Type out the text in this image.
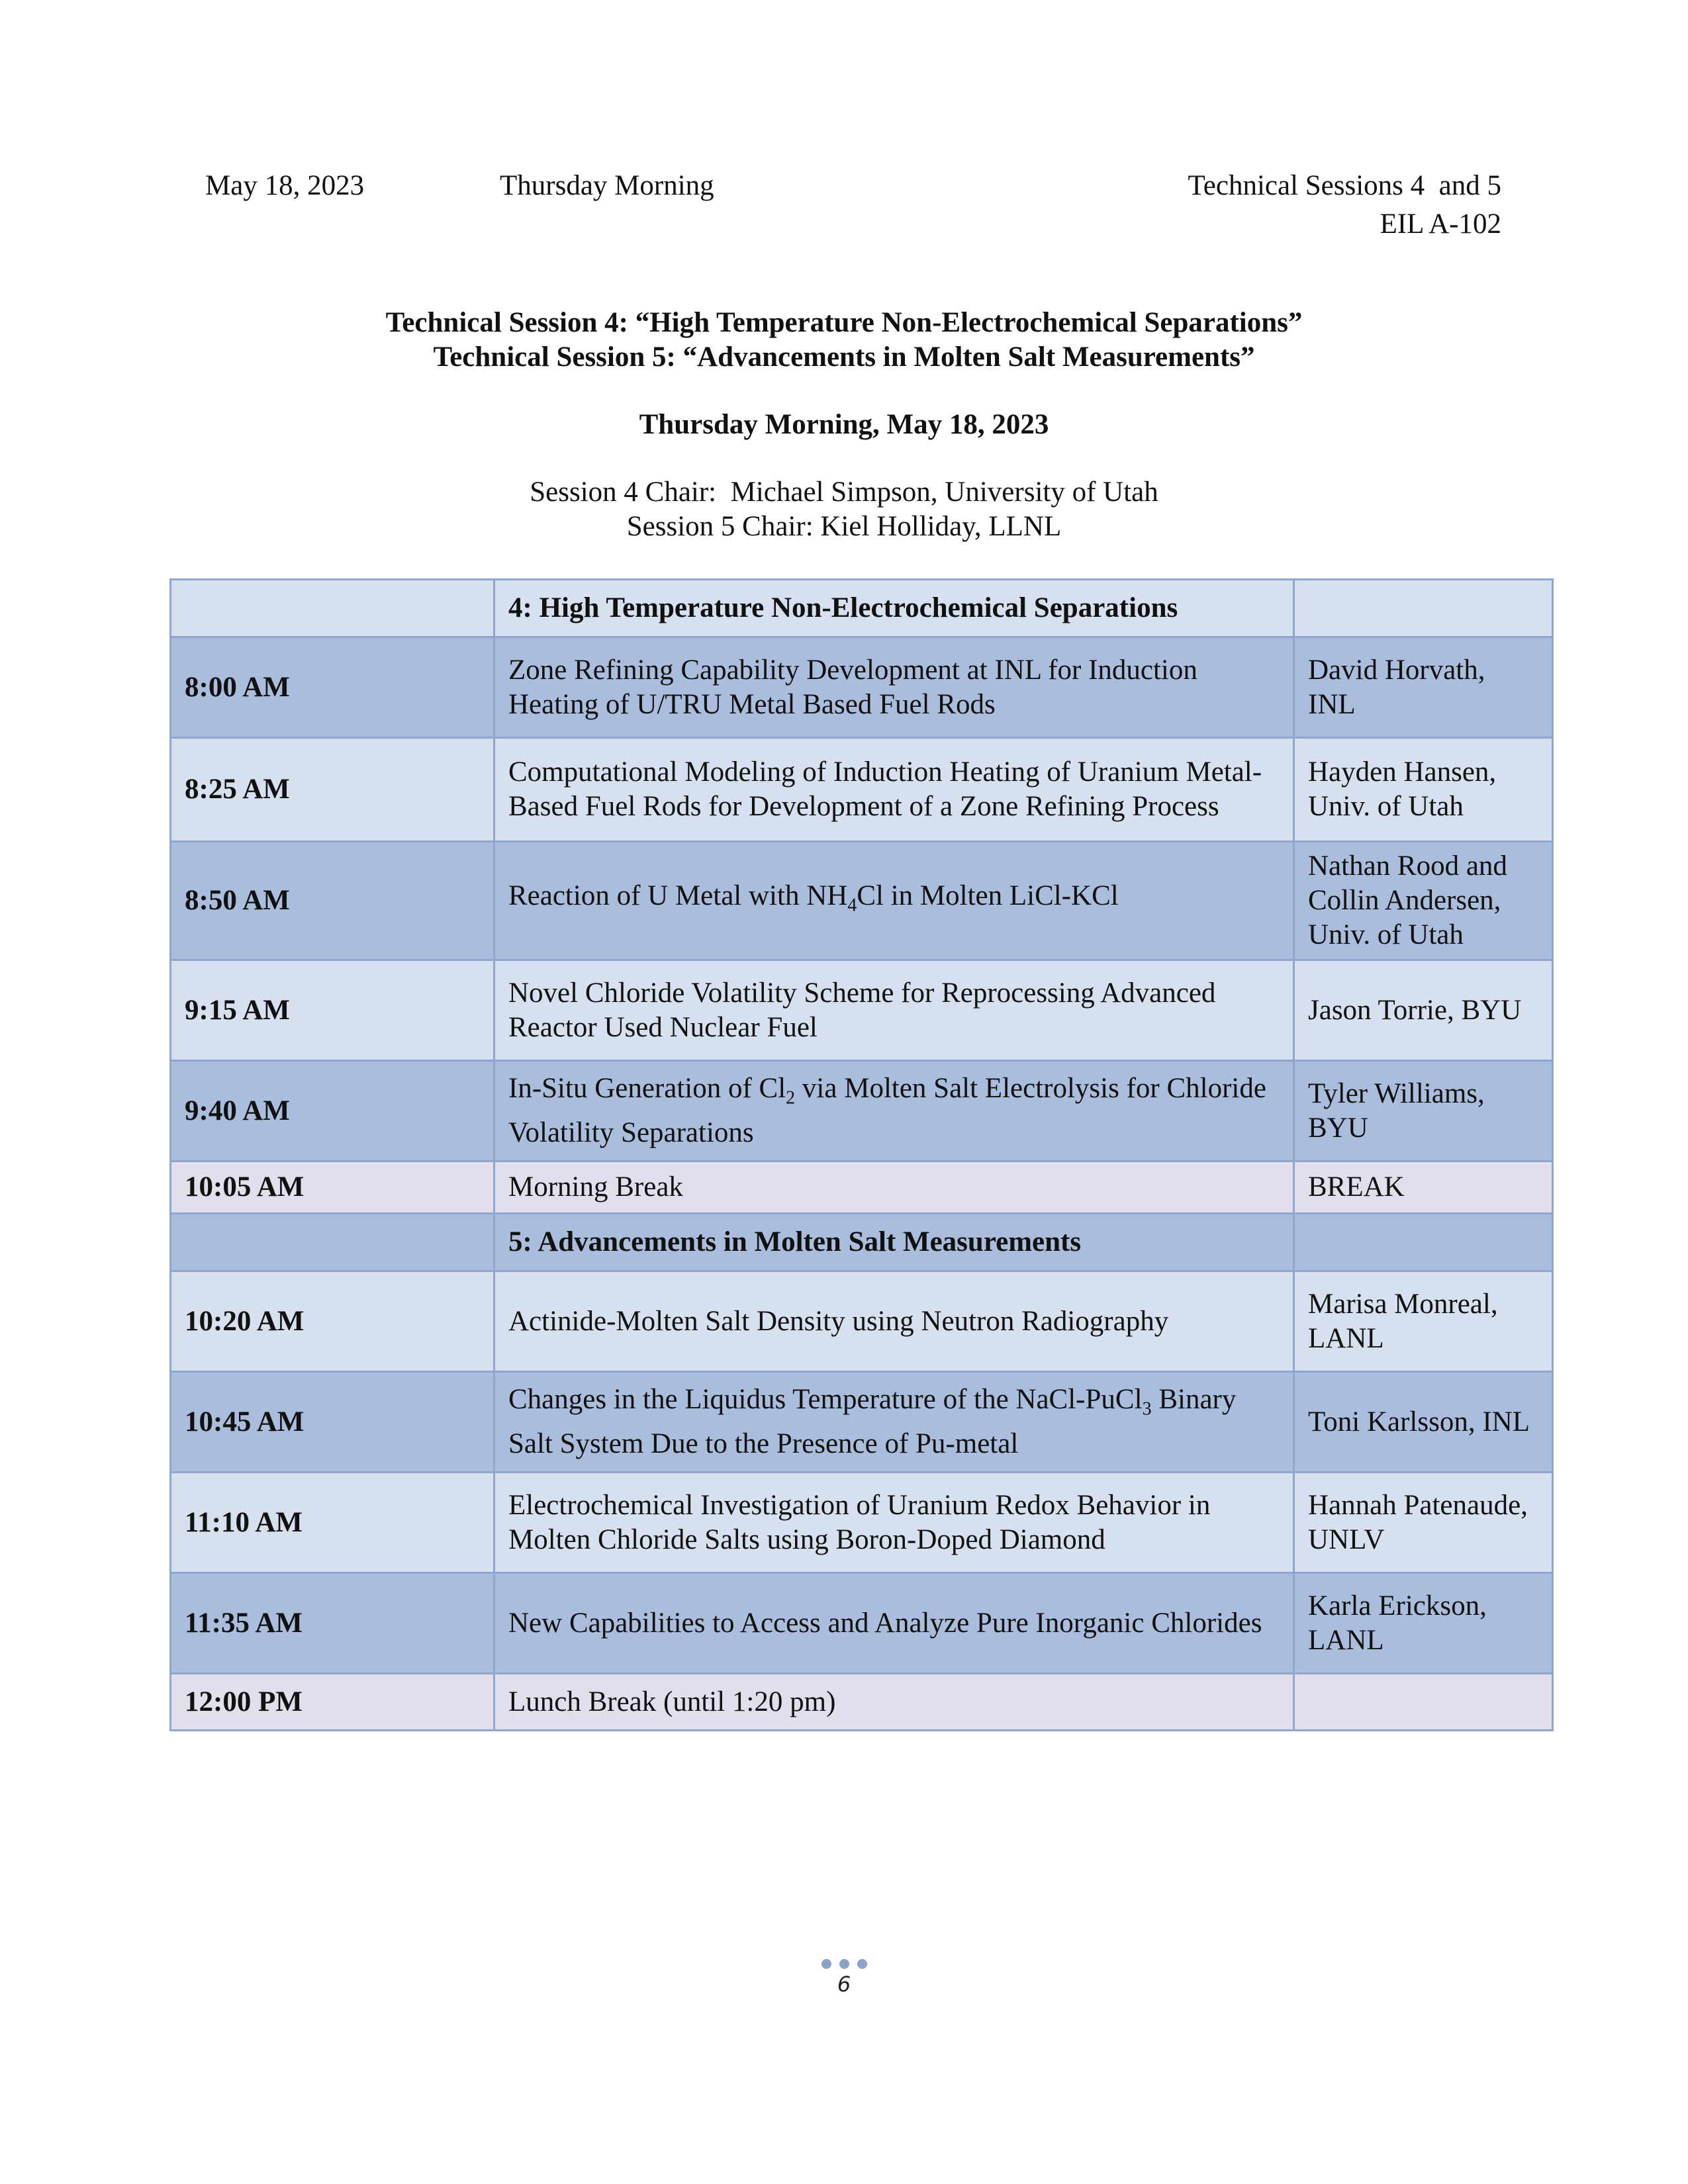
May 18, 2023	Thursday Morning	Technical Sessions 4  and 5
EIL A-102
Technical Session 4: “High Temperature Non-Electrochemical Separations”
Technical Session 5: “Advancements in Molten Salt Measurements”
Thursday Morning, May 18, 2023
Session 4 Chair:  Michael Simpson, University of Utah
Session 5 Chair: Kiel Holliday, LLNL
	4: High Temperature Non-Electrochemical Separations	
8:00 AM	Zone Refining Capability Development at INL for Induction Heating of U/TRU Metal Based Fuel Rods	David Horvath, INL
8:25 AM	Computational Modeling of Induction Heating of Uranium Metal-Based Fuel Rods for Development of a Zone Refining Process	Hayden Hansen, Univ. of Utah
8:50 AM	Reaction of U Metal with $NH_4Cl$ in Molten LiCl-KCl	Nathan Rood and Collin Andersen, Univ. of Utah
9:15 AM	Novel Chloride Volatility Scheme for Reprocessing Advanced Reactor Used Nuclear Fuel	Jason Torrie, BYU
9:40 AM	In-Situ Generation of $Cl_2$ via Molten Salt Electrolysis for Chloride Volatility Separations	Tyler Williams, BYU
10:05 AM	Morning Break	BREAK
	5: Advancements in Molten Salt Measurements	
10:20 AM	Actinide-Molten Salt Density using Neutron Radiography	Marisa Monreal, LANL
10:45 AM	Changes in the Liquidus Temperature of the NaCl-PuCl$_3$ Binary Salt System Due to the Presence of Pu-metal	Toni Karlsson, INL
11:10 AM	Electrochemical Investigation of Uranium Redox Behavior in Molten Chloride Salts using Boron-Doped Diamond	Hannah Patenaude, UNLV
11:35 AM	New Capabilities to Access and Analyze Pure Inorganic Chlorides	Karla Erickson, LANL
12:00 PM	Lunch Break (until 1:20 pm)	
6
